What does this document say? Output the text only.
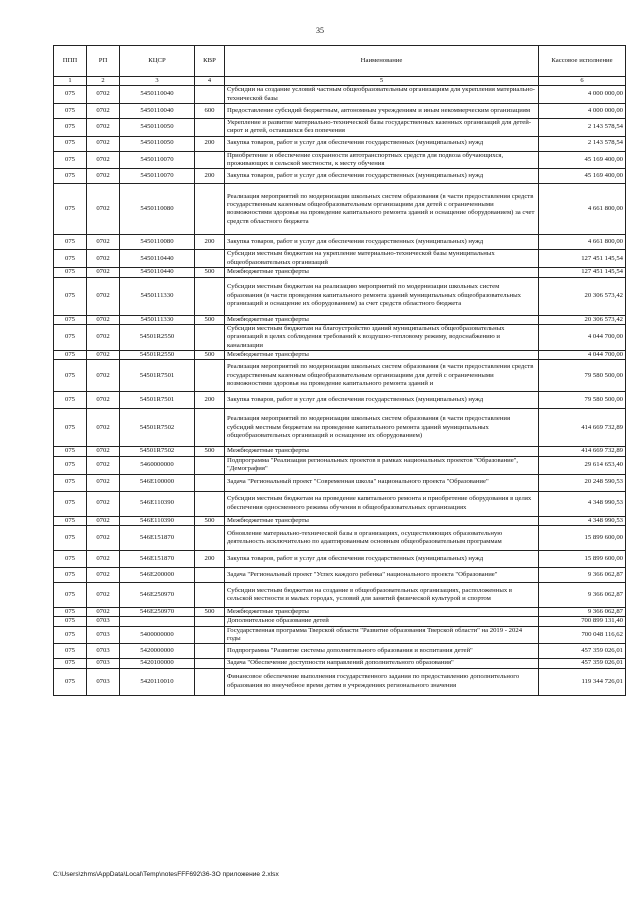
35
ППП	РП	КЦСР	КВР	Наименование	Кассовое исполнение
1	2	3	4	5	6
075	0702	5450110040		Субсидии на создание условий частным общеобразовательным организациям для укрепления материально-технической базы	4 000 000,00
075	0702	5450110040	600	Предоставление субсидий бюджетным, автономным учреждениям и иным некоммерческим организациям	4 000 000,00
075	0702	5450110050		Укрепление и развитие материально-технической базы государственных казенных организаций для детей-сирот и детей, оставшихся без попечения	2 143 578,54
075	0702	5450110050	200	Закупка товаров, работ и услуг для обеспечения государственных (муниципальных) нужд	2 143 578,54
075	0702	5450110070		Приобретение и обеспечение сохранности автотранспортных средств для подвоза обучающихся, проживающих в сельской местности, к месту обучения	45 169 400,00
075	0702	5450110070	200	Закупка товаров, работ и услуг для обеспечения государственных (муниципальных) нужд	45 169 400,00
075	0702	5450110080		Реализация мероприятий по модернизации школьных систем образования (в части предоставления средств государственным казенным общеобразовательным организациям для детей с ограниченными возможностями здоровья на проведение капитального ремонта зданий и оснащение оборудованием) за счет средств областного бюджета	4 661 800,00
075	0702	5450110080	200	Закупка товаров, работ и услуг для обеспечения государственных (муниципальных) нужд	4 661 800,00
075	0702	5450110440		Субсидии местным бюджетам на укрепление материально-технической базы муниципальных общеобразовательных организаций	127 451 145,54
075	0702	5450110440	500	Межбюджетные трансферты	127 451 145,54
075	0702	5450111330		Субсидии местным бюджетам на реализацию мероприятий по модернизации школьных систем образования (в части проведения капитального ремонта зданий муниципальных общеобразовательных организаций и оснащение их оборудованием) за счет средств областного бюджета	20 306 573,42
075	0702	5450111330	500	Межбюджетные трансферты	20 306 573,42
075	0702	54501R2550		Субсидии местным бюджетам на благоустройство зданий муниципальных общеобразовательных организаций в целях соблюдения требований к воздушно-тепловому режиму, водоснабжению и канализации	4 044 700,00
075	0702	54501R2550	500	Межбюджетные трансферты	4 044 700,00
075	0702	54501R7501		Реализация мероприятий по модернизации школьных систем образования (в части предоставления средств государственным казенным общеобразовательным организациям для детей с ограниченными возможностями здоровья на проведение капитального ремонта зданий и	79 580 500,00
075	0702	54501R7501	200	Закупка товаров, работ и услуг для обеспечения государственных (муниципальных) нужд	79 580 500,00
075	0702	54501R7502		Реализация мероприятий по модернизации школьных систем образования (в части предоставления субсидий местным бюджетам на проведение капитального ремонта зданий муниципальных общеобразовательных организаций и оснащение их оборудованием)	414 669 732,89
075	0702	54501R7502	500	Межбюджетные трансферты	414 669 732,89
075	0702	5460000000		Подпрограмма "Реализация региональных проектов в рамках национальных проектов "Образование", "Демография"	29 614 653,40
075	0702	546E100000		Задача "Региональный проект "Современная школа" национального проекта "Образование"	20 248 590,53
075	0702	546E110390		Субсидии местным бюджетам на проведение капитального ремонта и приобретение оборудования в целях обеспечения односменного режима обучения в общеобразовательных организациях	4 348 990,53
075	0702	546E110390	500	Межбюджетные трансферты	4 348 990,53
075	0702	546E151870		Обновление материально-технической базы в организациях, осуществляющих образовательную деятельность исключительно по адаптированным основным общеобразовательным программам	15 899 600,00
075	0702	546E151870	200	Закупка товаров, работ и услуг для обеспечения государственных (муниципальных) нужд	15 899 600,00
075	0702	546E200000		Задача "Региональный проект "Успех каждого ребенка" национального проекта "Образование"	9 366 062,87
075	0702	546E250970		Субсидии местным бюджетам на создание в общеобразовательных организациях, расположенных в сельской местности и малых городах, условий для занятий физической культурой и спортом	9 366 062,87
075	0702	546E250970	500	Межбюджетные трансферты	9 366 062,87
075	0703			Дополнительное образование детей	700 899 131,40
075	0703	5400000000		Государственная программа Тверской области "Развитие образования Тверской области" на 2019 - 2024 годы	700 048 116,62
075	0703	5420000000		Подпрограмма "Развитие системы дополнительного образования и воспитания детей"	457 359 026,01
075	0703	5420100000		Задача "Обеспечение доступности направлений дополнительного образования"	457 359 026,01
075	0703	5420110010		Финансовое обеспечение выполнения государственного задания по предоставлению дополнительного образования во внеучебное время детям в учреждениях регионального значения	119 344 726,01
C:\Users\zhms\AppData\Local\Temp\notesFFF692\36-ЗО приложение 2.xlsx
